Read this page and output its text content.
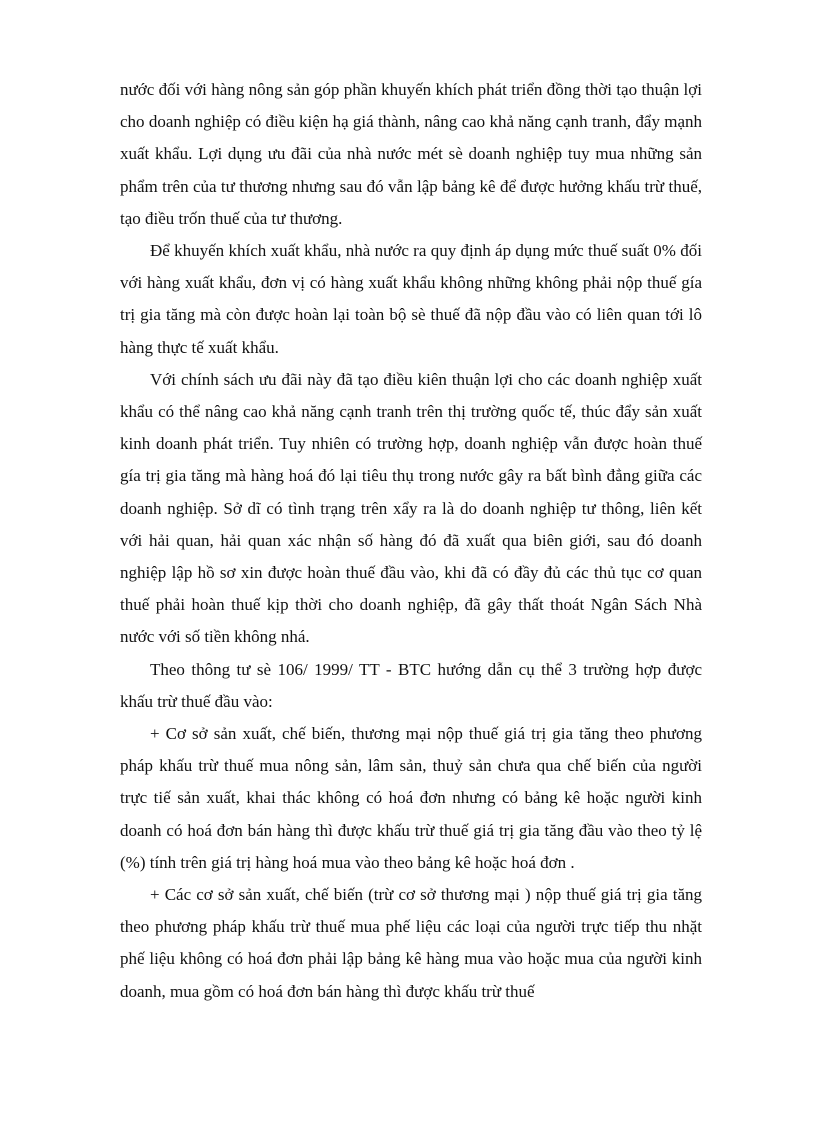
nước đối với hàng nông sản góp phần khuyến khích phát triển đồng thời tạo thuận lợi cho doanh nghiệp có điều kiện hạ giá thành, nâng cao khả năng cạnh tranh, đẩy mạnh xuất khẩu. Lợi dụng ưu đãi của nhà nước mét sè doanh nghiệp tuy mua những sản phẩm trên của tư thương nhưng sau đó vẫn lập bảng kê để được hưởng khấu trừ thuế, tạo điều trốn thuế của tư thương.

Để khuyến khích xuất khẩu, nhà nước ra quy định áp dụng mức thuế suất 0% đối với hàng xuất khẩu, đơn vị có hàng xuất khẩu không những không phải nộp thuế gía trị gia tăng mà còn được hoàn lại toàn bộ sè thuế đã nộp đầu vào có liên quan tới lô hàng thực tế xuất khẩu.

Với chính sách ưu đãi này đã tạo điều kiên thuận lợi cho các doanh nghiệp xuất khẩu có thể nâng cao khả năng cạnh tranh trên thị trường quốc tế, thúc đẩy sản xuất kinh doanh phát triển. Tuy nhiên có trường hợp, doanh nghiệp vẫn được hoàn thuế gía trị gia tăng mà hàng hoá đó lại tiêu thụ trong nước gây ra bất bình đẳng giữa các doanh nghiệp. Sở dĩ có tình trạng trên xẩy ra là do doanh nghiệp tư thông, liên kết với hải quan, hải quan xác nhận số hàng đó đã xuất qua biên giới, sau đó doanh nghiệp lập hồ sơ xin được hoàn thuế đầu vào, khi đã có đầy đủ các thủ tục cơ quan thuế phải hoàn thuế kịp thời cho doanh nghiệp, đã gây thất thoát Ngân Sách Nhà nước với số tiền không nhá.

Theo thông tư sè 106/ 1999/ TT - BTC hướng dẫn cụ thể 3 trường hợp được khấu trừ thuế đầu vào:

+ Cơ sở sản xuất, chế biến, thương mại nộp thuế giá trị gia tăng theo phương pháp khấu trừ thuế mua nông sản, lâm sản, thuỷ sản chưa qua chế biến của người trực tiế sản xuất, khai thác không có hoá đơn nhưng có bảng kê hoặc người kinh doanh có hoá đơn bán hàng thì được khấu trừ thuế giá trị gia tăng đầu vào theo tỷ lệ (%) tính trên giá trị hàng hoá mua vào theo bảng kê hoặc hoá đơn .

+ Các cơ sở sản xuất, chế biến (trừ cơ sở thương mại ) nộp thuế giá trị gia tăng theo phương pháp khấu trừ thuế mua phế liệu các loại của người trực tiếp thu nhặt phế liệu không có hoá đơn phải lập bảng kê hàng mua vào hoặc mua của người kinh doanh, mua gồm có hoá đơn bán hàng thì được khấu trừ thuế
